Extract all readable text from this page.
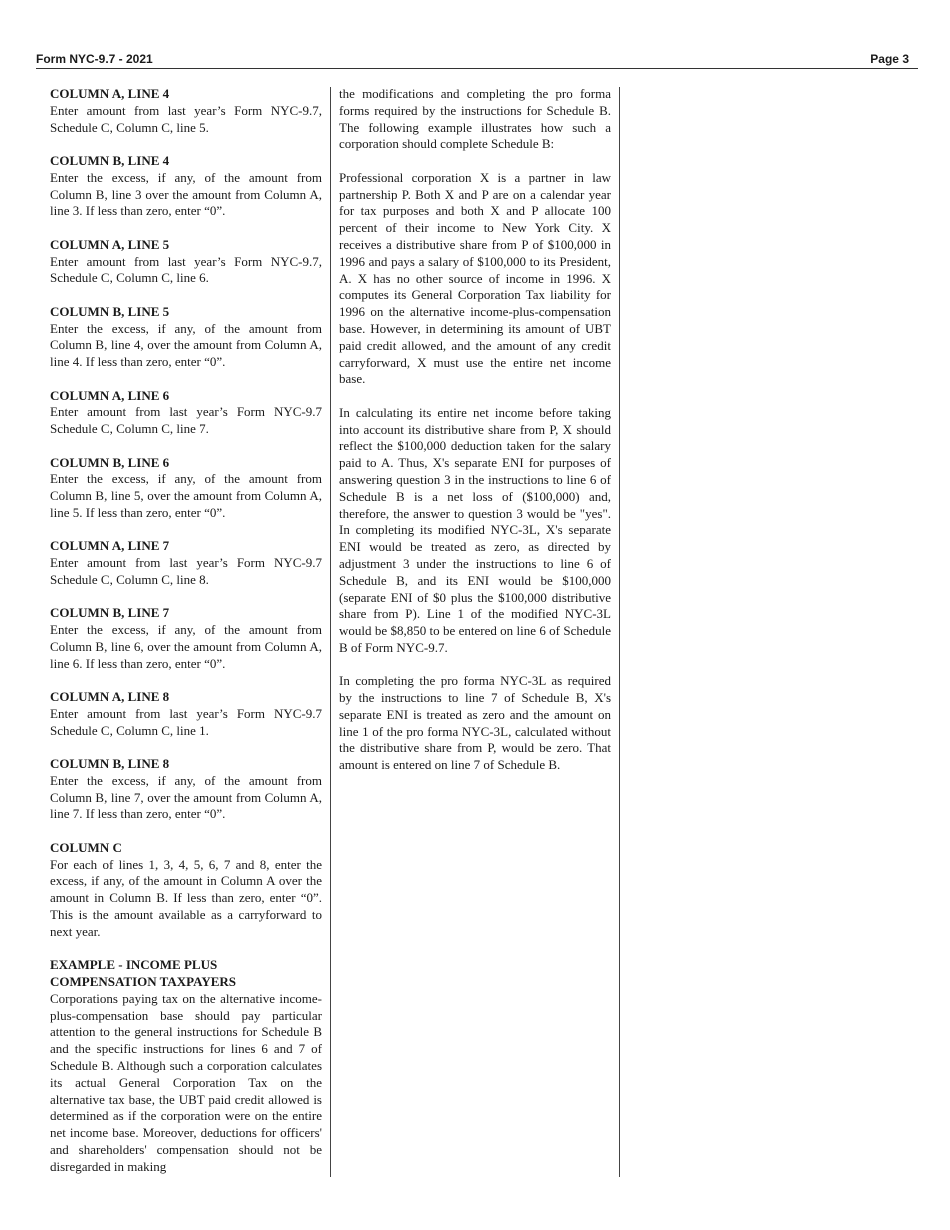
Form NYC-9.7 - 2021	Page 3
COLUMN A, LINE 4

Enter amount from last year’s Form NYC-9.7, Schedule C, Column C, line 5.

COLUMN B, LINE 4

Enter the excess, if any, of the amount from Column B, line 3 over the amount from Column A, line 3. If less than zero, enter “0”.

COLUMN A, LINE 5

Enter amount from last year’s Form NYC-9.7, Schedule C, Column C, line 6.

COLUMN B, LINE 5

Enter the excess, if any, of the amount from Column B, line 4, over the amount from Column A, line 4. If less than zero, enter “0”.

COLUMN A, LINE 6

Enter amount from last year’s Form NYC-9.7 Schedule C, Column C, line 7.

COLUMN B, LINE 6

Enter the excess, if any, of the amount from Column B, line 5, over the amount from Column A, line 5. If less than zero, enter “0”.

COLUMN A, LINE 7

Enter amount from last year’s Form NYC-9.7 Schedule C, Column C, line 8.

COLUMN B, LINE 7

Enter the excess, if any, of the amount from Column B, line 6, over the amount from Column A, line 6. If less than zero, enter “0”.

COLUMN A, LINE 8

Enter amount from last year’s Form NYC-9.7 Schedule C, Column C, line 1.

COLUMN B, LINE 8

Enter the excess, if any, of the amount from Column B, line 7, over the amount from Column A, line 7. If less than zero, enter “0”.

COLUMN C

For each of lines 1, 3, 4, 5, 6, 7 and 8, enter the excess, if any, of the amount in Column A over the amount in Column B. If less than zero, enter “0”. This is the amount available as a carryforward to next year.

EXAMPLE - INCOME PLUS COMPENSATION TAXPAYERS

Corporations paying tax on the alternative income-plus-compensation base should pay particular attention to the general instructions for Schedule B and the specific instructions for lines 6 and 7 of Schedule B. Although such a corporation calculates its actual General Corporation Tax on the alternative tax base, the UBT paid credit allowed is determined as if the corporation were on the entire net income base. Moreover, deductions for officers' and shareholders' compensation should not be disregarded in making

the modifications and completing the pro forma forms required by the instructions for Schedule B. The following example illustrates how such a corporation should complete Schedule B:

Professional corporation X is a partner in law partnership P. Both X and P are on a calendar year for tax purposes and both X and P allocate 100 percent of their income to New York City. X receives a distributive share from P of $100,000 in 1996 and pays a salary of $100,000 to its President, A. X has no other source of income in 1996. X computes its General Corporation Tax liability for 1996 on the alternative income-plus-compensation base. However, in determining its amount of UBT paid credit allowed, and the amount of any credit carryforward, X must use the entire net income base.

In calculating its entire net income before taking into account its distributive share from P, X should reflect the $100,000 deduction taken for the salary paid to A. Thus, X's separate ENI for purposes of answering question 3 in the instructions to line 6 of Schedule B is a net loss of ($100,000) and, therefore, the answer to question 3 would be "yes". In completing its modified NYC-3L, X's separate ENI would be treated as zero, as directed by adjustment 3 under the instructions to line 6 of Schedule B, and its ENI would be $100,000 (separate ENI of $0 plus the $100,000 distributive share from P). Line 1 of the modified NYC-3L would be $8,850 to be entered on line 6 of Schedule B of Form NYC-9.7.

In completing the pro forma NYC-3L as required by the instructions to line 7 of Schedule B, X's separate ENI is treated as zero and the amount on line 1 of the pro forma NYC-3L, calculated without the distributive share from P, would be zero. That amount is entered on line 7 of Schedule B.
